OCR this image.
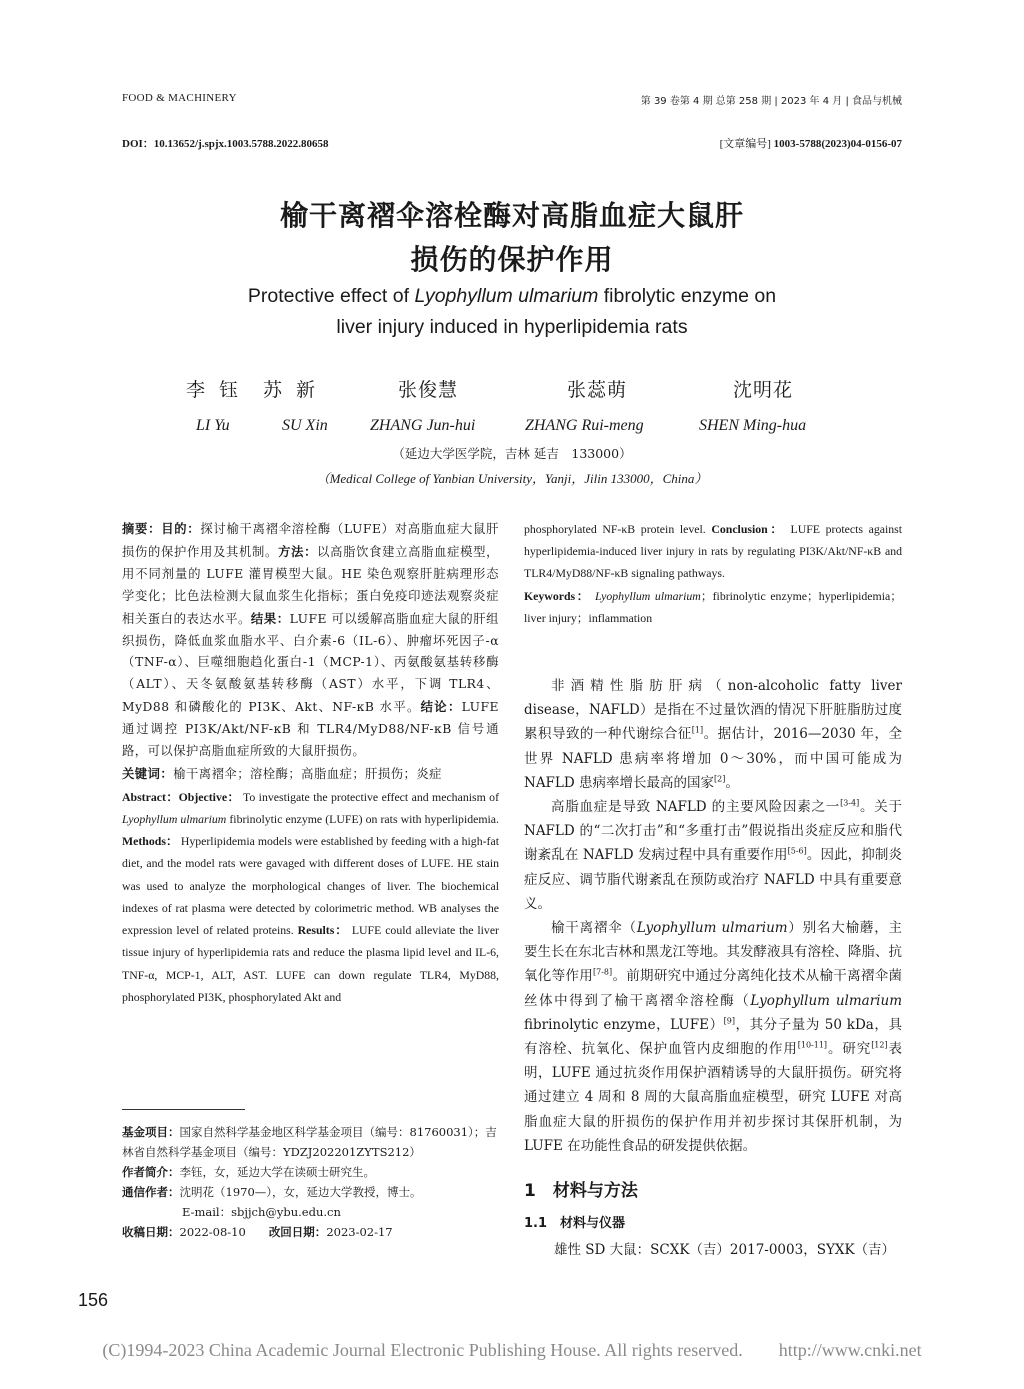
FOOD & MACHINERY	第 39 卷第 4 期 总第 258 期 | 2023 年 4 月 | 食品与机械
DOI：10.13652/j.spjx.1003.5788.2022.80658	[文章编号] 1003-5788(2023)04-0156-07
榆干离褶伞溶栓酶对高脂血症大鼠肝
损伤的保护作用
Protective effect of Lyophyllum ulmarium fibrolytic enzyme on
liver injury induced in hyperlipidemia rats
李钰 苏新	张俊慧	张蕊萌	沈明花
LI Yu	SU Xin	ZHANG Jun-hui	ZHANG Rui-meng	SHEN Ming-hua
（延边大学医学院，吉林 延吉　133000）
（Medical College of Yanbian University，Yanji，Jilin 133000，China）
摘要：目的：探讨榆干离褶伞溶栓酶（LUFE）对高脂血症大鼠肝损伤的保护作用及其机制。方法：以高脂饮食建立高脂血症模型，用不同剂量的 LUFE 灌胃模型大鼠。HE 染色观察肝脏病理形态学变化；比色法检测大鼠血浆生化指标；蛋白免疫印迹法观察炎症相关蛋白的表达水平。结果：LUFE 可以缓解高脂血症大鼠的肝组织损伤，降低血浆血脂水平、白介素-6（IL-6）、肿瘤坏死因子-α（TNF-α）、巨噬细胞趋化蛋白-1（MCP-1）、丙氨酸氨基转移酶（ALT）、天冬氨酸氨基转移酶（AST）水平，下调 TLR4、MyD88 和磷酸化的 PI3K、Akt、NF-κB 水平。结论：LUFE 通过调控 PI3K/Akt/NF-κB 和 TLR4/MyD88/NF-κB 信号通路，可以保护高脂血症所致的大鼠肝损伤。
关键词：榆干离褶伞；溶栓酶；高脂血症；肝损伤；炎症
Abstract：Objective： To investigate the protective effect and mechanism of Lyophyllum ulmarium fibrinolytic enzyme (LUFE) on rats with hyperlipidemia. Methods： Hyperlipidemia models were established by feeding with a high-fat diet, and the model rats were gavaged with different doses of LUFE. HE stain was used to analyze the morphological changes of liver. The biochemical indexes of rat plasma were detected by colorimetric method. WB analyses the expression level of related proteins. Results： LUFE could alleviate the liver tissue injury of hyperlipidemia rats and reduce the plasma lipid level and IL-6, TNF-α, MCP-1, ALT, AST. LUFE can down regulate TLR4, MyD88, phosphorylated PI3K, phosphorylated Akt and
phosphorylated NF-κB protein level. Conclusion： LUFE protects against hyperlipidemia-induced liver injury in rats by regulating PI3K/Akt/NF-κB and TLR4/MyD88/NF-κB signaling pathways.
Keywords： Lyophyllum ulmarium；fibrinolytic enzyme；hyperlipidemia；liver injury；inflammation
基金项目：国家自然科学基金地区科学基金项目（编号：81760031）；吉林省自然科学基金项目（编号：YDZJ202201ZYTS212）
作者简介：李钰，女，延边大学在读硕士研究生。
通信作者：沈明花（1970—），女，延边大学教授，博士。
E-mail：sbjjch@ybu.edu.cn
收稿日期：2022-08-10　　 改回日期：2023-02-17

非酒精性脂肪肝病（non-alcoholic fatty liver disease，NAFLD）是指在不过量饮酒的情况下肝脏脂肪过度累积导致的一种代谢综合征[1]。据估计，2016—2030 年，全世界 NAFLD 患病率将增加 0～30%，而中国可能成为 NAFLD 患病率增长最高的国家[2]。

高脂血症是导致 NAFLD 的主要风险因素之一[3-4]。关于 NAFLD 的“二次打击”和“多重打击”假说指出炎症反应和脂代谢紊乱在 NAFLD 发病过程中具有重要作用[5-6]。因此，抑制炎症反应、调节脂代谢紊乱在预防或治疗 NAFLD 中具有重要意义。

榆干离褶伞（Lyophyllum ulmarium）别名大榆蘑，主要生长在东北吉林和黑龙江等地。其发酵液具有溶栓、降脂、抗氧化等作用[7-8]。前期研究中通过分离纯化技术从榆干离褶伞菌丝体中得到了榆干离褶伞溶栓酶（Lyophyllum ulmarium fibrinolytic enzyme，LUFE）[9]，其分子量为 50 kDa，具有溶栓、抗氧化、保护血管内皮细胞的作用[10-11]。研究[12]表明，LUFE 通过抗炎作用保护酒精诱导的大鼠肝损伤。研究将通过建立 4 周和 8 周的大鼠高脂血症模型，研究 LUFE 对高脂血症大鼠的肝损伤的保护作用并初步探讨其保肝机制，为 LUFE 在功能性食品的研发提供依据。

1　材料与方法
1.1　材料与仪器
雄性 SD 大鼠：SCXK（吉）2017-0003，SYXK（吉）
156
(C)1994-2023 China Academic Journal Electronic Publishing House. All rights reserved.　　http://www.cnki.net
